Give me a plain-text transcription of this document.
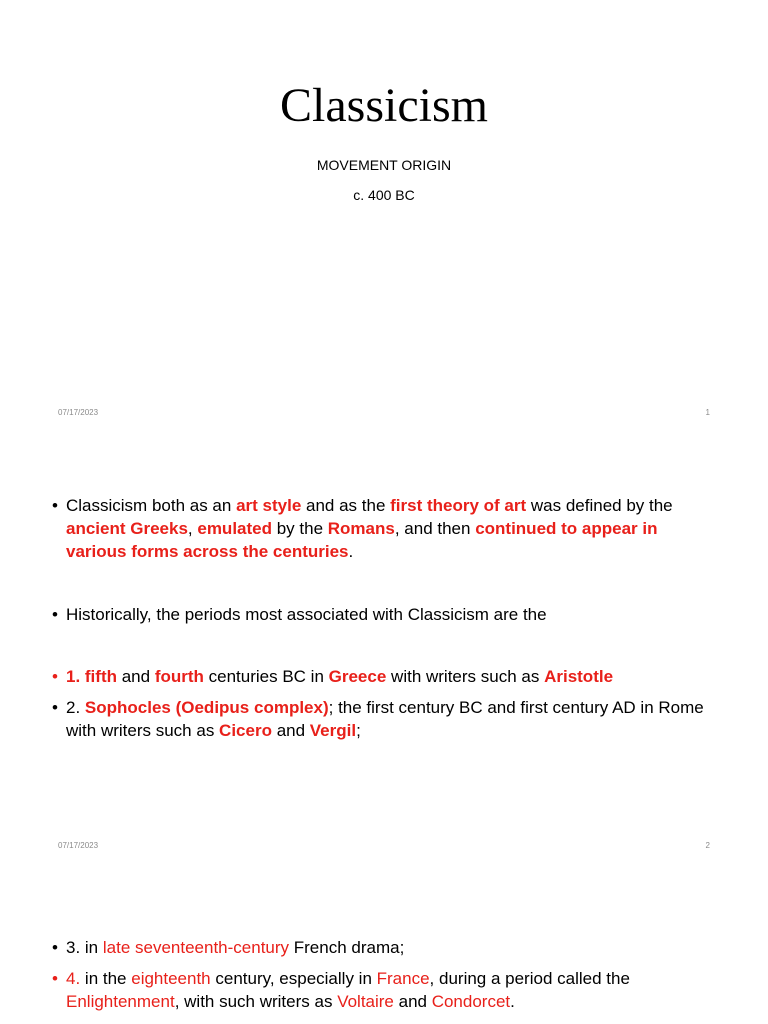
Classicism
MOVEMENT ORIGIN
c. 400 BC
07/17/2023	1
• Classicism both as an art style and as the first theory of art was defined by the ancient Greeks, emulated by the Romans, and then continued to appear in various forms across the centuries.
• Historically, the periods most associated with Classicism are the
• 1. fifth and fourth centuries BC in Greece with writers such as Aristotle
• 2. Sophocles (Oedipus complex); the first century BC and first century AD in Rome with writers such as Cicero and Vergil;
07/17/2023	2
• 3. in late seventeenth-century French drama;
• 4. in the eighteenth century, especially in France, during a period called the Enlightenment, with such writers as Voltaire and Condorcet.
